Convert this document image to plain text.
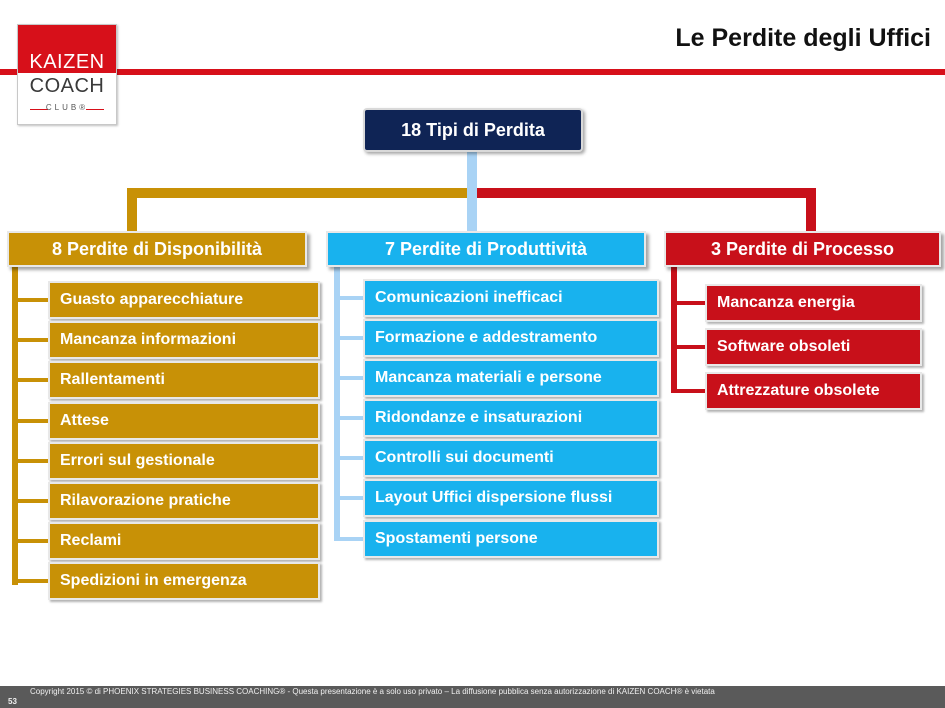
KAIZEN
COACH
CLUB®
Le Perdite degli Uffici
18 Tipi di Perdita
8 Perdite di Disponibilità	7 Perdite di Produttività	3 Perdite di Processo
Guasto apparecchiature
Mancanza informazioni
Rallentamenti
Attese
Errori sul gestionale
Rilavorazione pratiche
Reclami
Spedizioni in emergenza
Comunicazioni inefficaci
Formazione e addestramento
Mancanza materiali e persone
Ridondanze e insaturazioni
Controlli sui documenti
Layout Uffici dispersione flussi
Spostamenti persone
Mancanza energia
Software obsoleti
Attrezzature obsolete
Copyright 2015 © di PHOENIX STRATEGIES BUSINESS COACHING® - Questa presentazione è a solo uso privato – La diffusione pubblica senza autorizzazione di KAIZEN COACH® è vietata
53
